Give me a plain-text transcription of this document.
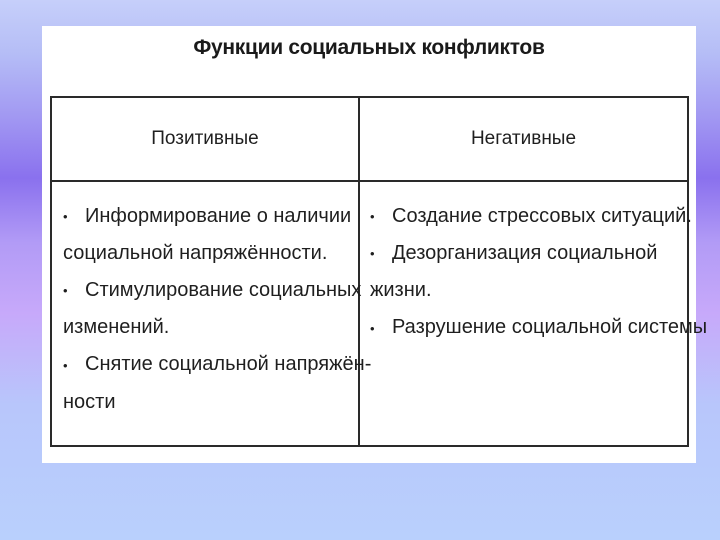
Функции социальных конфликтов
Позитивные	Негативные
• Информирование о наличии
социальной напряжённости.
• Стимулирование социальных
изменений.
• Снятие социальной напряжён-
ности
• Создание стрессовых ситуаций.
• Дезорганизация социальной
жизни.
• Разрушение социальной системы
